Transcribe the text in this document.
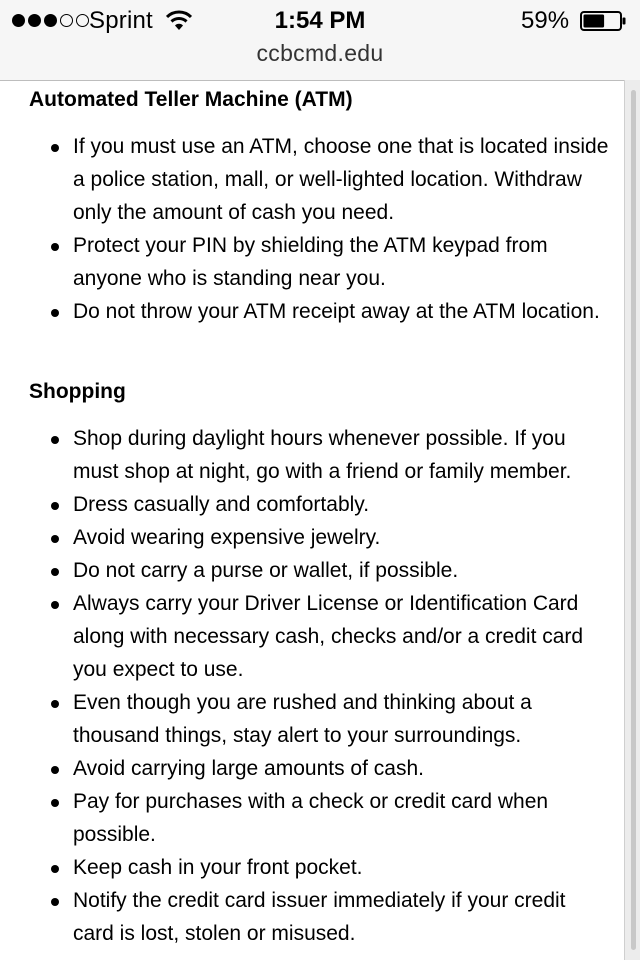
Sprint	1:54 PM	59%
ccbcmd.edu
Automated Teller Machine (ATM)
If you must use an ATM, choose one that is located inside a police station, mall, or well-lighted location. Withdraw only the amount of cash you need.
Protect your PIN by shielding the ATM keypad from anyone who is standing near you.
Do not throw your ATM receipt away at the ATM location.
Shopping
Shop during daylight hours whenever possible. If you must shop at night, go with a friend or family member.
Dress casually and comfortably.
Avoid wearing expensive jewelry.
Do not carry a purse or wallet, if possible.
Always carry your Driver License or Identification Card along with necessary cash, checks and/or a credit card you expect to use.
Even though you are rushed and thinking about a thousand things, stay alert to your surroundings.
Avoid carrying large amounts of cash.
Pay for purchases with a check or credit card when possible.
Keep cash in your front pocket.
Notify the credit card issuer immediately if your credit card is lost, stolen or misused.
